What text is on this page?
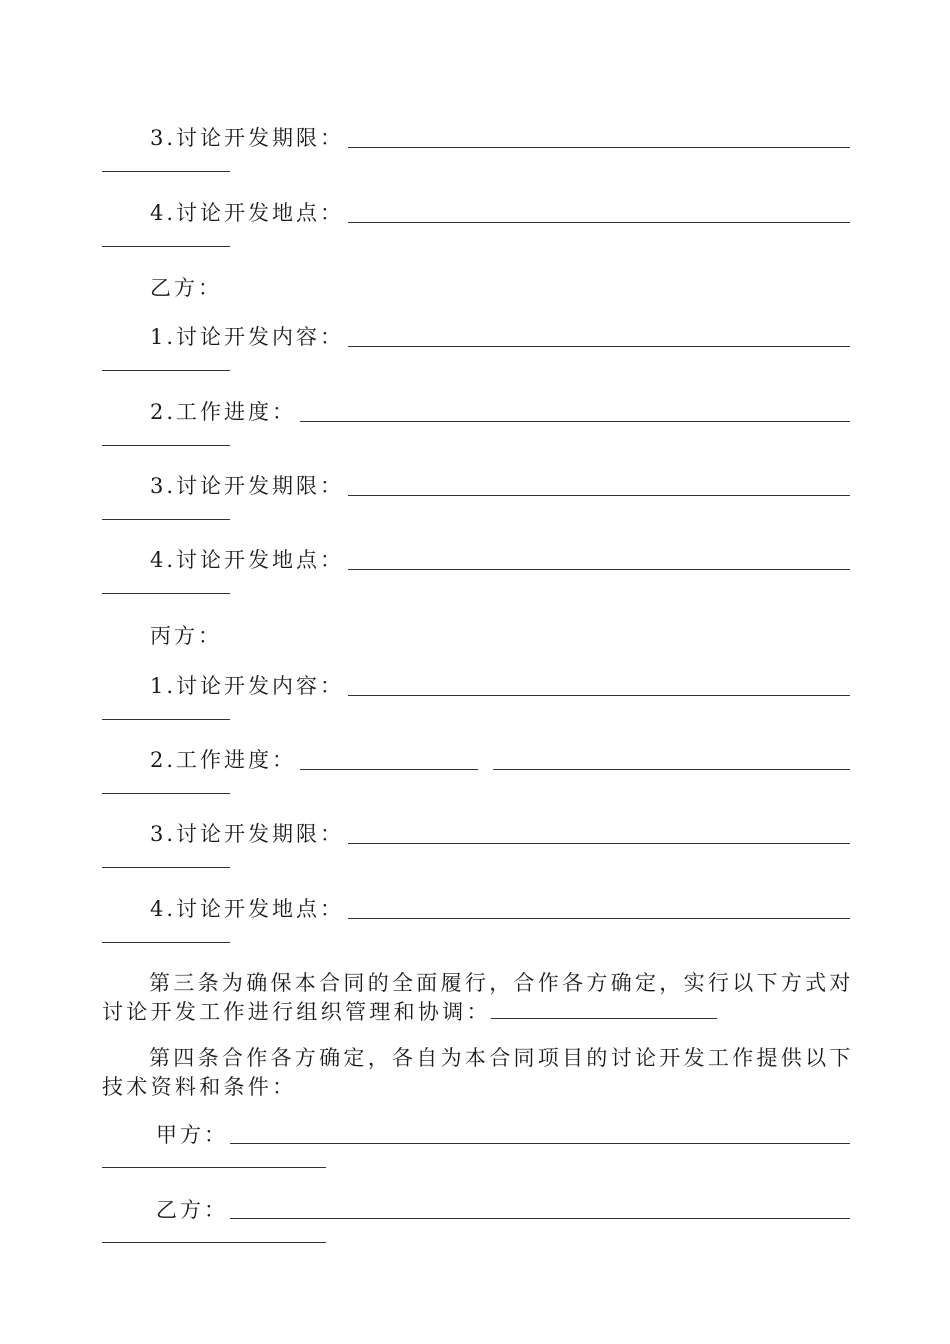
3.讨论开发期限：
4.讨论开发地点：
乙方：
1.讨论开发内容：
2.工作进度：
3.讨论开发期限：
4.讨论开发地点：
丙方：
1.讨论开发内容：
2.工作进度：
3.讨论开发期限：
4.讨论开发地点：
第三条为确保本合同的全面履行，合作各方确定，实行以下方式对
讨论开发工作进行组织管理和协调：
第四条合作各方确定，各自为本合同项目的讨论开发工作提供以下
技术资料和条件：
甲方：
乙方：
